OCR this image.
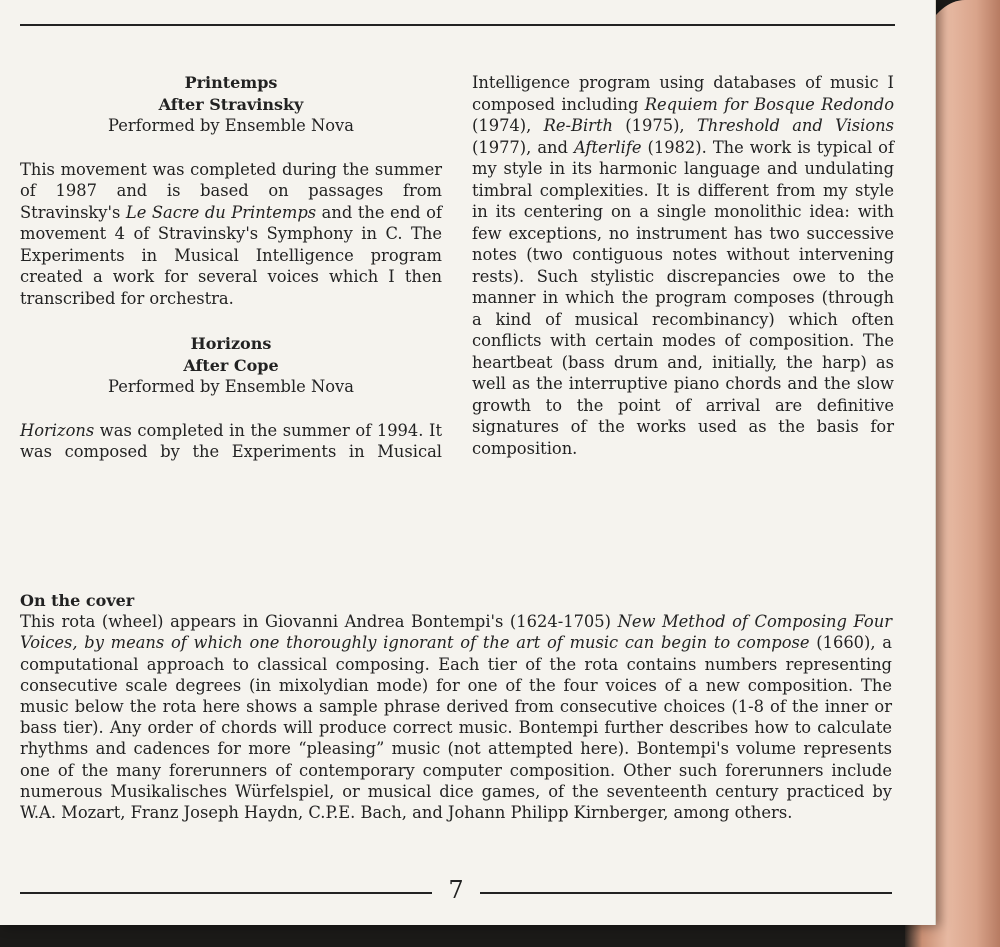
Printemps
After Stravinsky
Performed by Ensemble Nova

This movement was completed during the summer of 1987 and is based on passages from Stravinsky's Le Sacre du Printemps and the end of movement 4 of Stravinsky's Symphony in C. The Experiments in Musical Intelligence program created a work for several voices which I then transcribed for orchestra.

Horizons
After Cope
Performed by Ensemble Nova

Horizons was completed in the summer of 1994. It was composed by the Experiments in Musical

Intelligence program using databases of music I composed including Requiem for Bosque Redondo (1974), Re-Birth (1975), Threshold and Visions (1977), and Afterlife (1982). The work is typical of my style in its harmonic language and undulating timbral complexities. It is different from my style in its centering on a single monolithic idea: with few exceptions, no instrument has two successive notes (two contiguous notes without intervening rests). Such stylistic discrepancies owe to the manner in which the program composes (through a kind of musical recombinancy) which often conflicts with certain modes of composition. The heartbeat (bass drum and, initially, the harp) as well as the interruptive piano chords and the slow growth to the point of arrival are definitive signatures of the works used as the basis for composition.

On the cover

This rota (wheel) appears in Giovanni Andrea Bontempi's (1624-1705) New Method of Composing Four Voices, by means of which one thoroughly ignorant of the art of music can begin to compose (1660), a computational approach to classical composing. Each tier of the rota contains numbers representing consecutive scale degrees (in mixolydian mode) for one of the four voices of a new composition. The music below the rota here shows a sample phrase derived from consecutive choices (1-8 of the inner or bass tier). Any order of chords will produce correct music. Bontempi further describes how to calculate rhythms and cadences for more “pleasing” music (not attempted here). Bontempi's volume represents one of the many forerunners of contemporary computer composition. Other such forerunners include numerous Musikalisches Würfelspiel, or musical dice games, of the seventeenth century practiced by W.A. Mozart, Franz Joseph Haydn, C.P.E. Bach, and Johann Philipp Kirnberger, among others.

7
